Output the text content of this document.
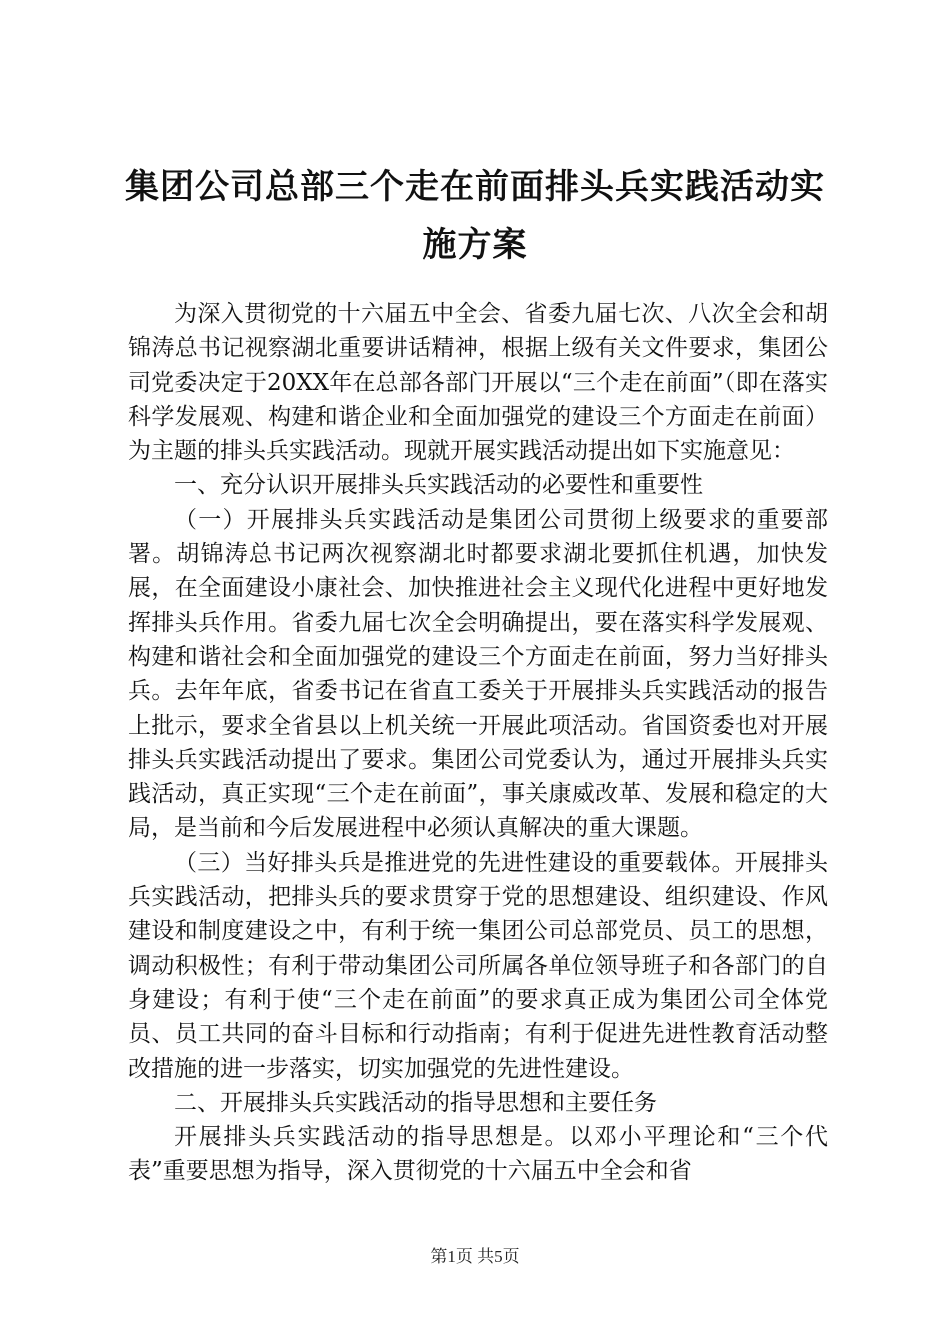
集团公司总部三个走在前面排头兵实践活动实
施方案

为深入贯彻党的十六届五中全会、省委九届七次、八次全会和胡锦涛总书记视察湖北重要讲话精神，根据上级有关文件要求，集团公司党委决定于20XX年在总部各部门开展以“三个走在前面”（即在落实科学发展观、构建和谐企业和全面加强党的建设三个方面走在前面）为主题的排头兵实践活动。现就开展实践活动提出如下实施意见：

一、充分认识开展排头兵实践活动的必要性和重要性

（一）开展排头兵实践活动是集团公司贯彻上级要求的重要部署。胡锦涛总书记两次视察湖北时都要求湖北要抓住机遇，加快发展，在全面建设小康社会、加快推进社会主义现代化进程中更好地发挥排头兵作用。省委九届七次全会明确提出，要在落实科学发展观、构建和谐社会和全面加强党的建设三个方面走在前面，努力当好排头兵。去年年底，省委书记在省直工委关于开展排头兵实践活动的报告上批示，要求全省县以上机关统一开展此项活动。省国资委也对开展排头兵实践活动提出了要求。集团公司党委认为，通过开展排头兵实践活动，真正实现“三个走在前面”，事关康威改革、发展和稳定的大局，是当前和今后发展进程中必须认真解决的重大课题。

（三）当好排头兵是推进党的先进性建设的重要载体。开展排头兵实践活动，把排头兵的要求贯穿于党的思想建设、组织建设、作风建设和制度建设之中，有利于统一集团公司总部党员、员工的思想，调动积极性；有利于带动集团公司所属各单位领导班子和各部门的自身建设；有利于使“三个走在前面”的要求真正成为集团公司全体党员、员工共同的奋斗目标和行动指南；有利于促进先进性教育活动整改措施的进一步落实，切实加强党的先进性建设。

二、开展排头兵实践活动的指导思想和主要任务

开展排头兵实践活动的指导思想是。以邓小平理论和“三个代表”重要思想为指导，深入贯彻党的十六届五中全会和省

第1页 共5页
